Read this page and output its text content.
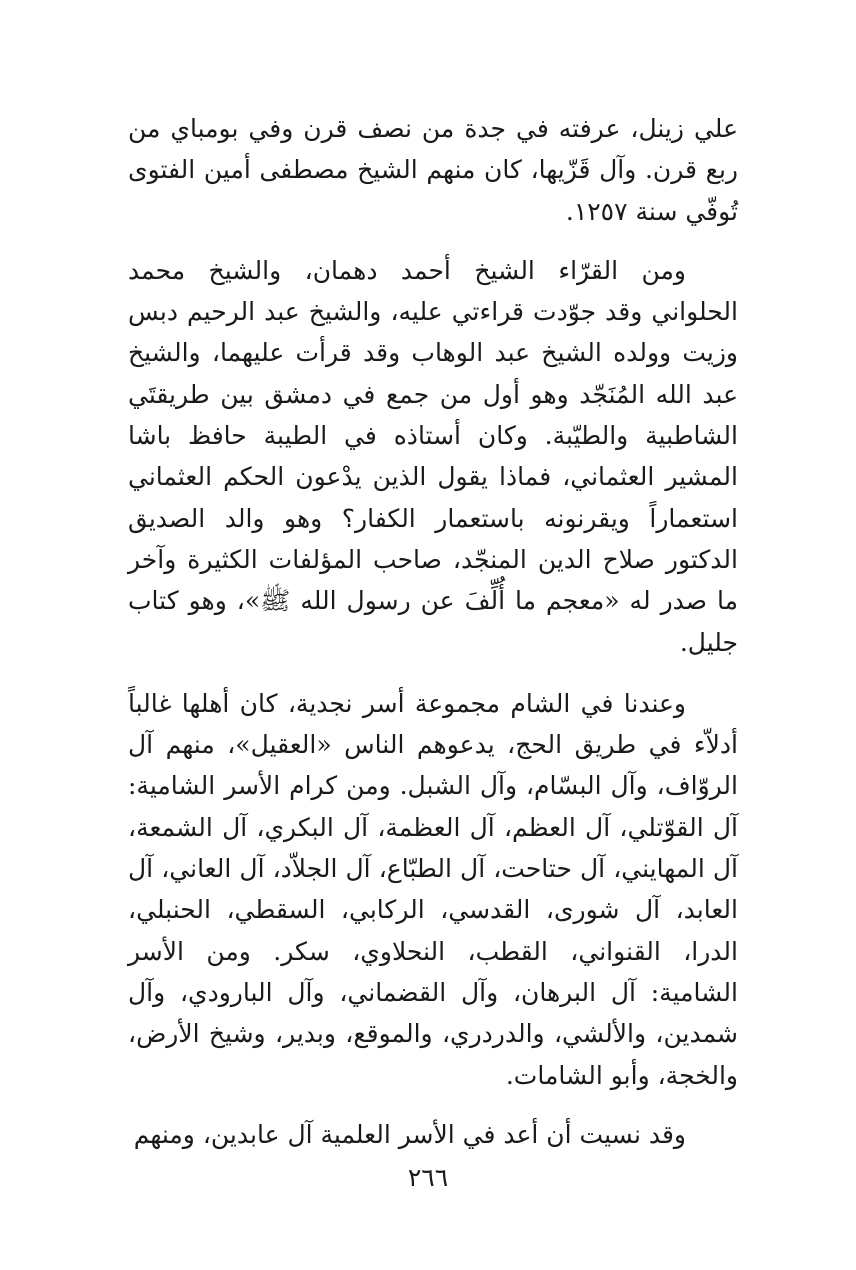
علي زينل، عرفته في جدة من نصف قرن وفي بومباي من ربع قرن. وآل قَزّيها، كان منهم الشيخ مصطفى أمين الفتوى تُوفّي سنة ١٢٥٧.

ومن القرّاء الشيخ أحمد دهمان، والشيخ محمد الحلواني وقد جوّدت قراءتي عليه، والشيخ عبد الرحيم دبس وزيت وولده الشيخ عبد الوهاب وقد قرأت عليهما، والشيخ عبد الله المُنَجّد وهو أول من جمع في دمشق بين طريقتَي الشاطبية والطيّبة. وكان أستاذه في الطيبة حافظ باشا المشير العثماني، فماذا يقول الذين يدْعون الحكم العثماني استعماراً ويقرنونه باستعمار الكفار؟ وهو والد الصديق الدكتور صلاح الدين المنجّد، صاحب المؤلفات الكثيرة وآخر ما صدر له «معجم ما أُلِّفَ عن رسول الله ﷺ»، وهو كتاب جليل.

وعندنا في الشام مجموعة أسر نجدية، كان أهلها غالباً أدلاّء في طريق الحج، يدعوهم الناس «العقيل»، منهم آل الروّاف، وآل البسّام، وآل الشبل. ومن كرام الأسر الشامية: آل القوّتلي، آل العظم، آل العظمة، آل البكري، آل الشمعة، آل المهايني، آل حتاحت، آل الطبّاع، آل الجلاّد، آل العاني، آل العابد، آل شورى، القدسي، الركابي، السقطي، الحنبلي، الدرا، القنواني، القطب، النحلاوي، سكر. ومن الأسر الشامية: آل البرهان، وآل القضماني، وآل البارودي، وآل شمدين، والألشي، والدردري، والموقع، وبدير، وشيخ الأرض، والخجة، وأبو الشامات.

وقد نسيت أن أعد في الأسر العلمية آل عابدين، ومنهم

٢٦٦
